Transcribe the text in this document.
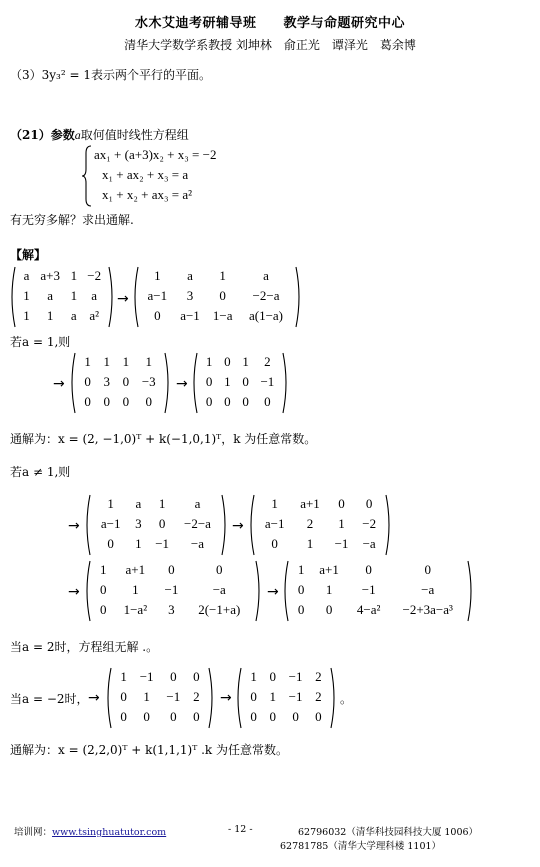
水木艾迪考研辅导班　　教学与命题研究中心
清华大学数学系教授 刘坤林　俞正光　谭泽光　葛余博
（3）3y₃² = 1表示两个平行的平面。
（21）参数a取何值时线性方程组
ax₁ + (a+3)x₂ + x₃ = −2
x₁ + ax₂ + x₃ = a
x₁ + x₂ + ax₃ = a²
有无穷多解？求出通解.
【解】
a a+3 1 −2
1 a 1 a
1 1 a a²
→
1 a 1	a
a−1 3 0 −2−a
0 a−1 1−a a(1−a)
若a = 1,则
→
1 1 1 1
0 3 0 −3
0 0 0 0
→
1 0 1 2
0 1 0 −1
0 0 0 0
通解为：x = (2, −1,0)ᵀ + k(−1,0,1)ᵀ，k 为任意常数。
若a ≠ 1,则
→
1 a 1 a
a−1 3 0 −2−a
0 1 −1 −a
→
1 a+1 0 0
a−1 2 1 −2
0 1 −1 −a
→
1 a+1 0	0
0 1 −1	−a
0 1−a² 3 2(−1+a)
→
1 a+1 0	0
0 1 −1	−a
0 0 4−a² −2+3a−a³
当a = 2时，方程组无解 .。
当a = −2时， →
1 −1 0 0
0 1 −1 2
0 0 0 0
→
1 0 −1 2
0 1 −1 2
0 0 0 0
。
通解为：x = (2,2,0)ᵀ + k(1,1,1)ᵀ .k 为任意常数。
培训网：www.tsinghuatutor.com	- 12 -	62796032（清华科技园科技大厦 1006）
62781785（清华大学理科楼 1101）
